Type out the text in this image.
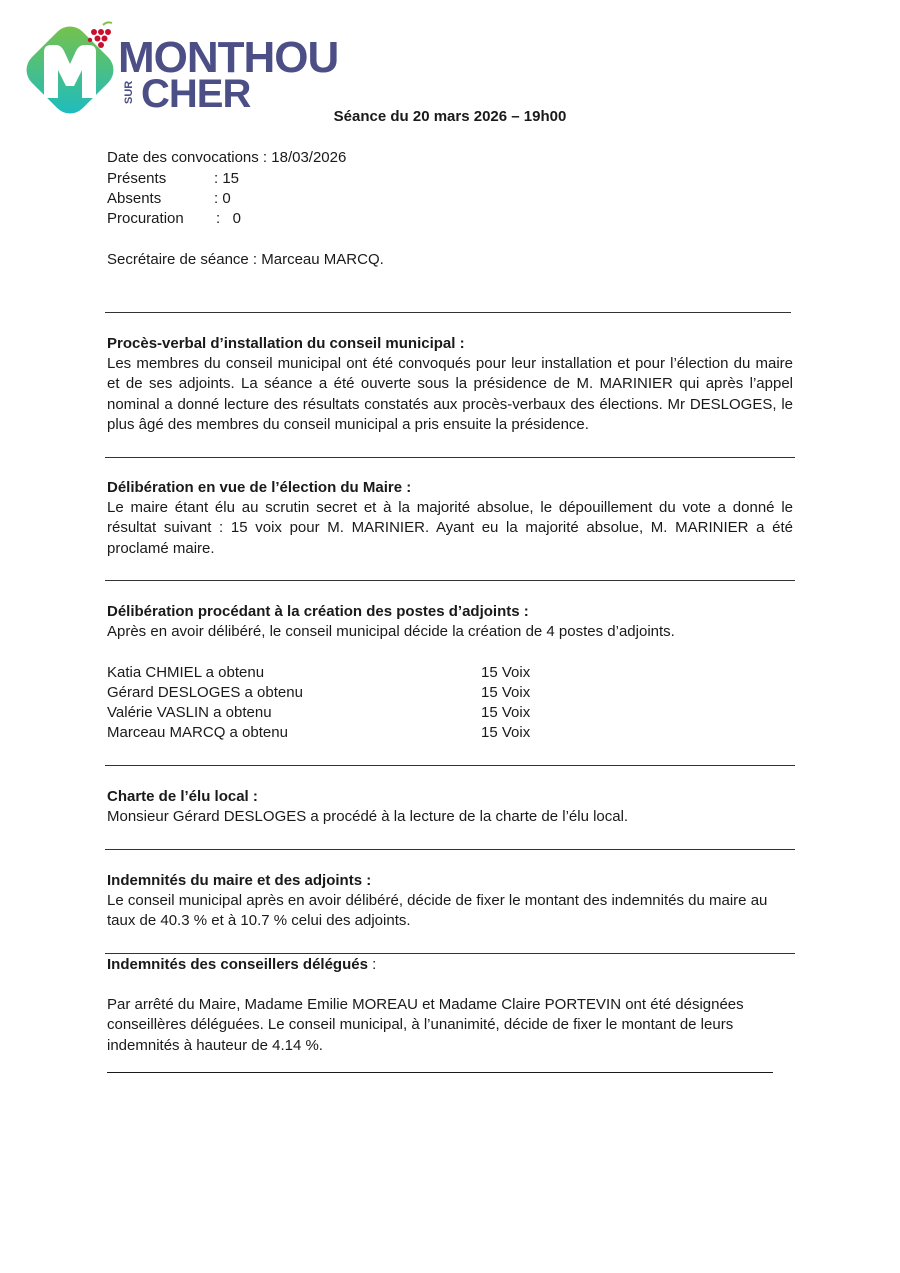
MONTHOU
SUR CHER
Séance du 20 mars 2026 – 19h00
Date des convocations : 18/03/2026
Présents	: 15
Absents	: 0
Procuration :   0
Secrétaire de séance : Marceau MARCQ.
Procès-verbal d’installation du conseil municipal :
Les membres du conseil municipal ont été convoqués pour leur installation et pour l’élection du maire et de ses adjoints. La séance a été ouverte sous la présidence de M. MARINIER qui après l’appel nominal a donné lecture des résultats constatés aux procès-verbaux des élections. Mr DESLOGES, le plus âgé des membres du conseil municipal a pris ensuite la présidence.
Délibération en vue de l’élection du Maire :
Le maire étant élu au scrutin secret et à la majorité absolue, le dépouillement du vote a donné le résultat suivant : 15 voix pour M. MARINIER. Ayant eu la majorité absolue, M. MARINIER a été proclamé maire.
Délibération procédant à la création des postes d’adjoints :
Après en avoir délibéré, le conseil municipal décide la création de 4 postes d’adjoints.
Katia CHMIEL a obtenu	15 Voix
Gérard DESLOGES a obtenu	15 Voix
Valérie VASLIN a obtenu	15 Voix
Marceau MARCQ a obtenu	15 Voix
Charte de l’élu local :
Monsieur Gérard DESLOGES a procédé à la lecture de la charte de l’élu local.
Indemnités du maire et des adjoints :
Le conseil municipal après en avoir délibéré, décide de fixer le montant des indemnités du maire au
taux de 40.3 % et à 10.7 % celui des adjoints.
Indemnités des conseillers délégués :
Par arrêté du Maire, Madame Emilie MOREAU et Madame Claire PORTEVIN ont été désignées
conseillères déléguées. Le conseil municipal, à l’unanimité, décide de fixer le montant de leurs
indemnités à hauteur de 4.14 %.
